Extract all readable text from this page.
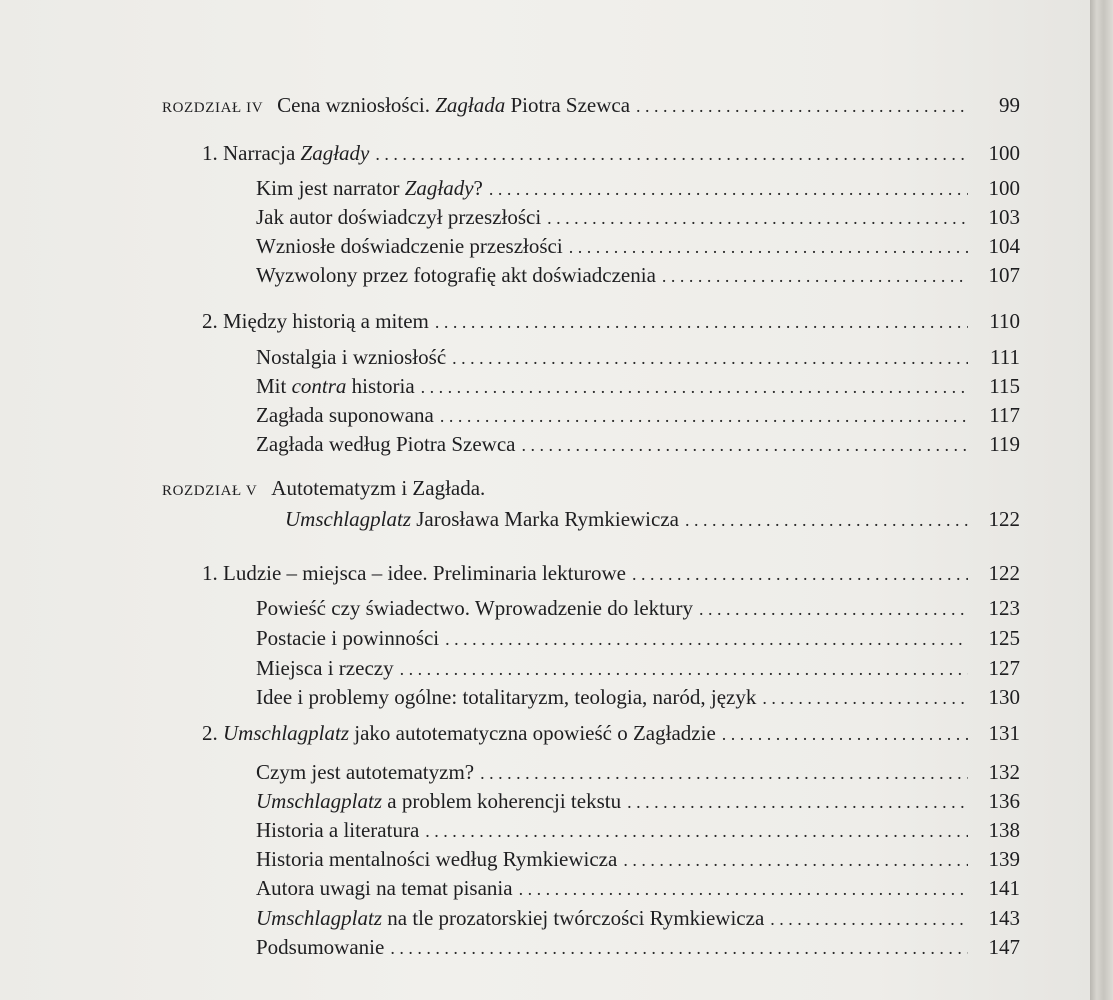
ROZDZIAŁ IV Cena wzniosłości. Zagłada Piotra Szewca . . .	99
1. Narracja Zagłady . . .	100
Kim jest narrator Zagłady? . . .	100
Jak autor doświadczył przeszłości . . .	103
Wzniosłe doświadczenie przeszłości . . .	104
Wyzwolony przez fotografię akt doświadczenia . . .	107
2. Między historią a mitem . . .	110
Nostalgia i wzniosłość . . .	111
Mit contra historia . . .	115
Zagłada suponowana . . .	117
Zagłada według Piotra Szewca . . .	119
ROZDZIAŁ V Autotematyzm i Zagłada.
Umschlagplatz Jarosława Marka Rymkiewicza . . .	122
1. Ludzie – miejsca – idee. Preliminaria lekturowe . . .	122
Powieść czy świadectwo. Wprowadzenie do lektury . . .	123
Postacie i powinności . . .	125
Miejsca i rzeczy . . .	127
Idee i problemy ogólne: totalitaryzm, teologia, naród, język . . .	130
2. Umschlagplatz jako autotematyczna opowieść o Zagładzie . . .	131
Czym jest autotematyzm? . . .	132
Umschlagplatz a problem koherencji tekstu . . .	136
Historia a literatura . . .	138
Historia mentalności według Rymkiewicza . . .	139
Autora uwagi na temat pisania . . .	141
Umschlagplatz na tle prozatorskiej twórczości Rymkiewicza . . .	143
Podsumowanie . . .	147
